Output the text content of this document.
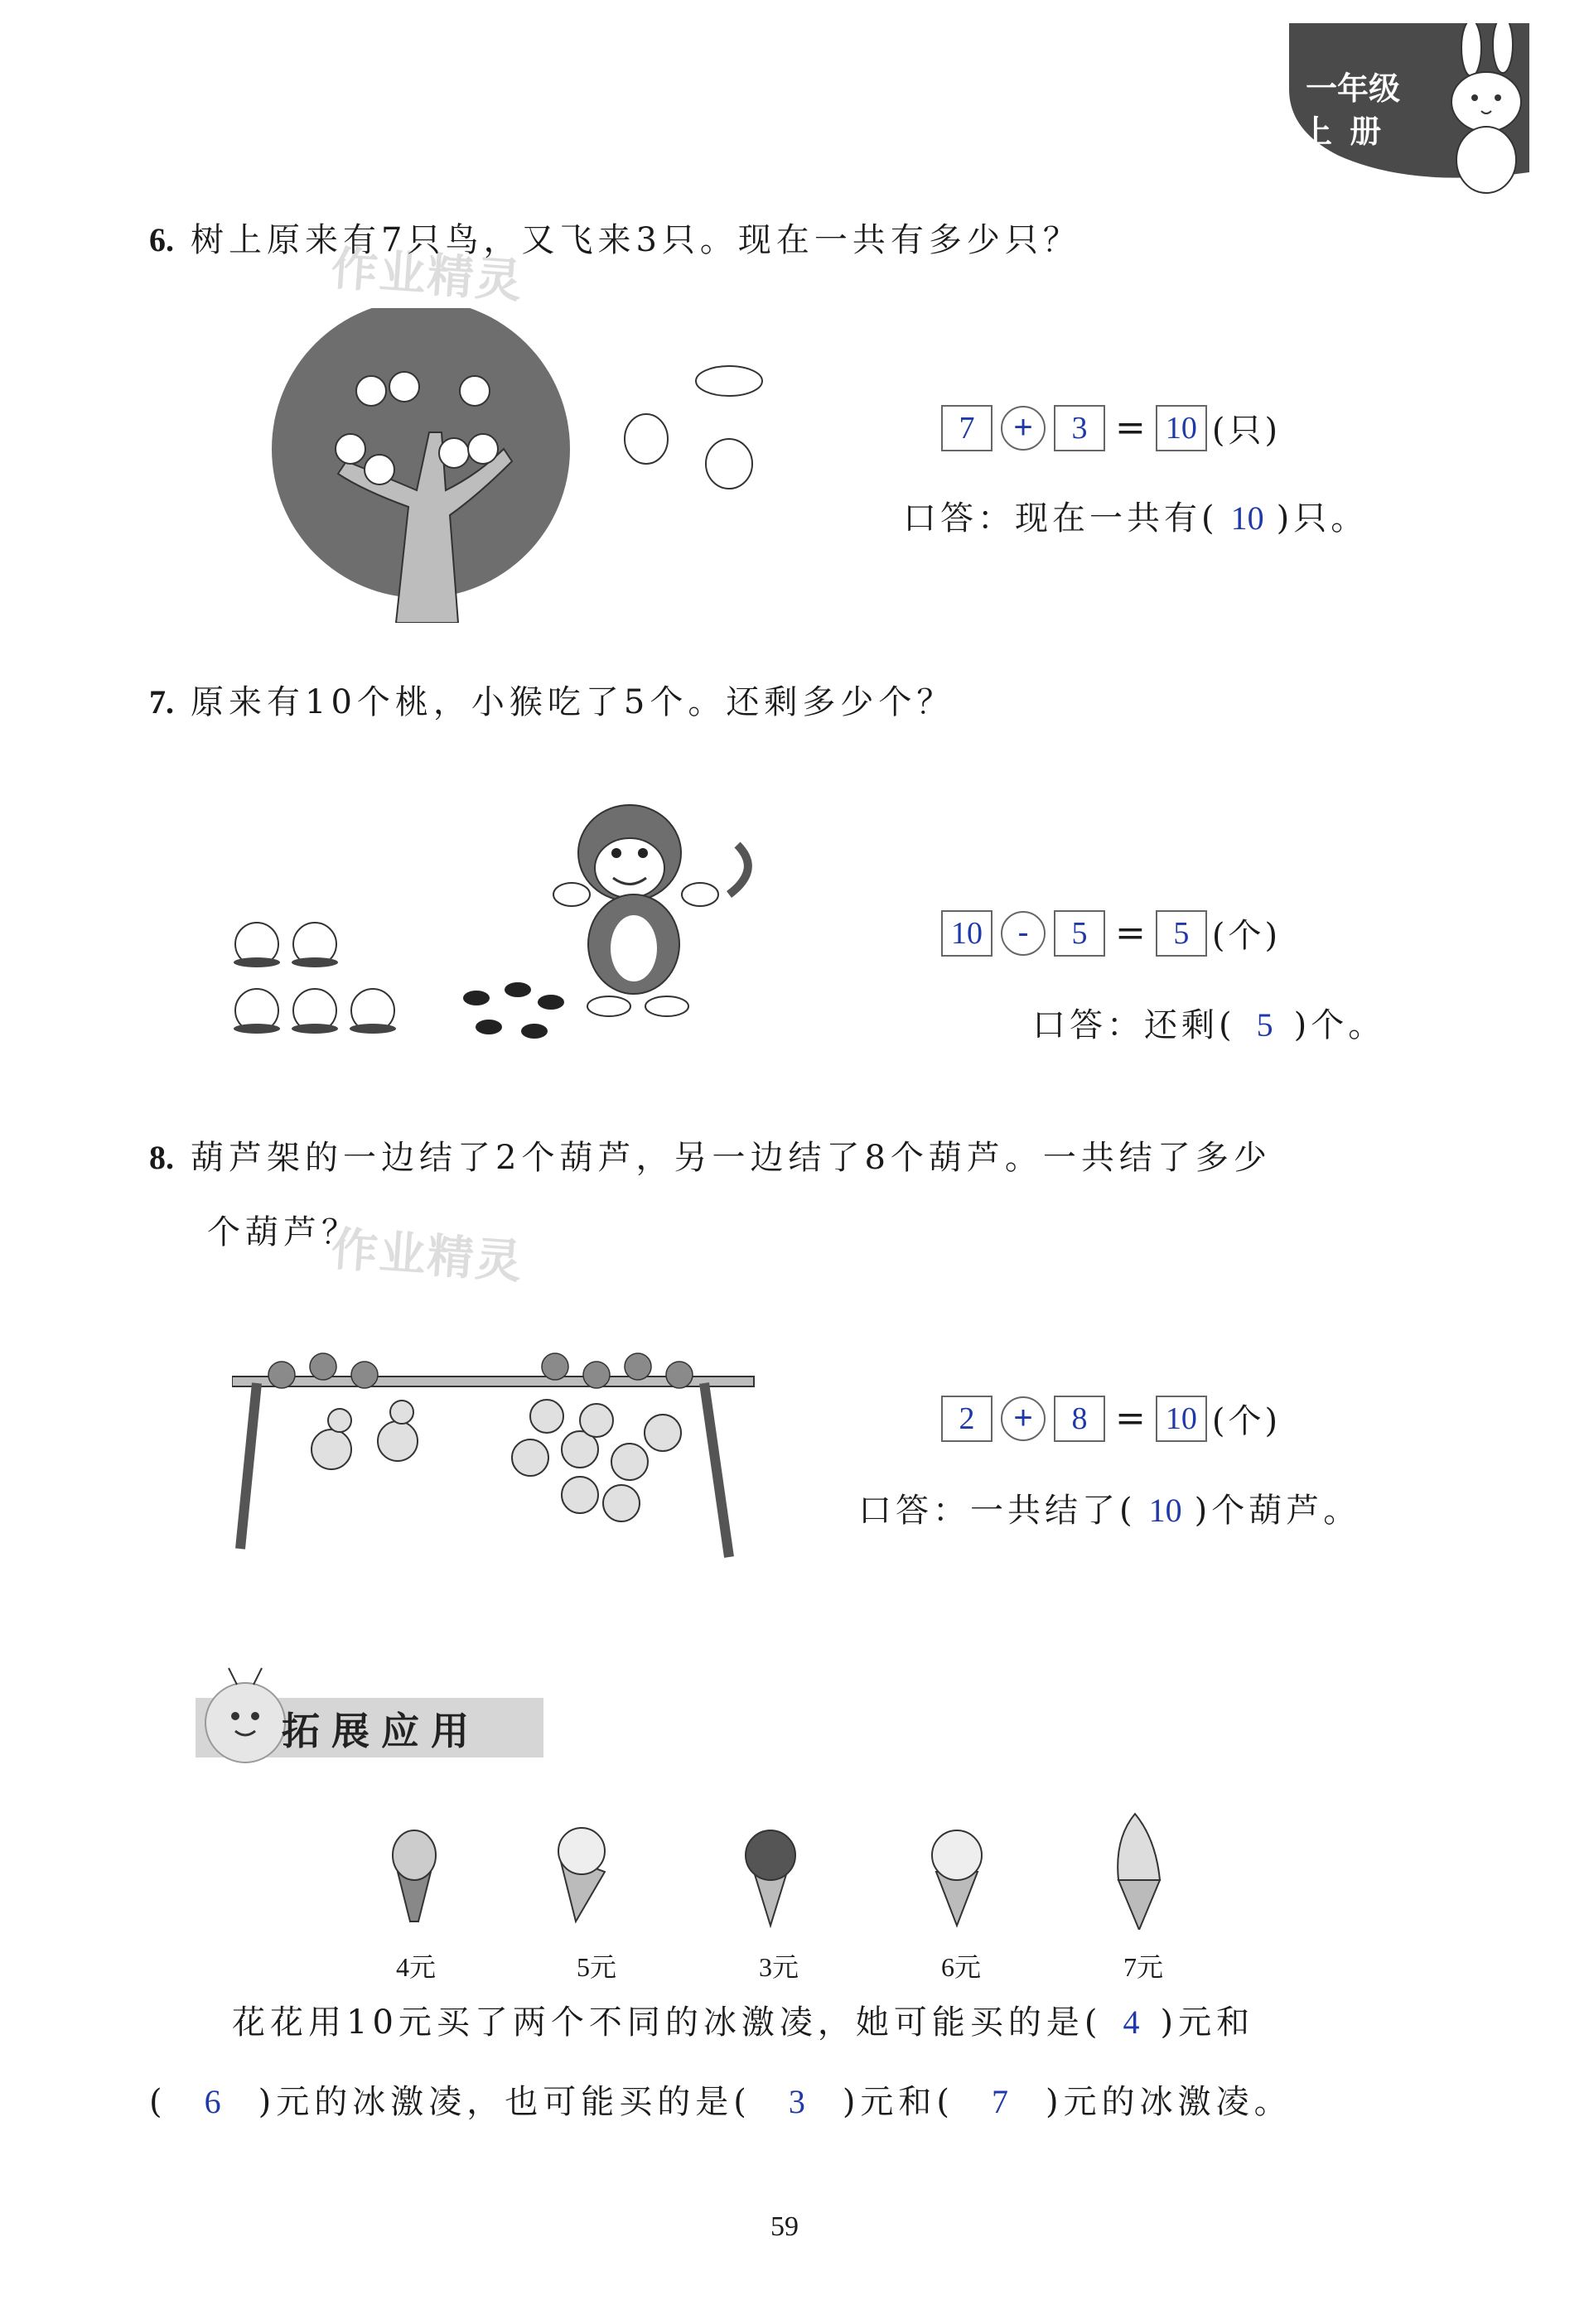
一年级
上  册
作业精灵
作业精灵
6. 树上原来有7只鸟，又飞来3只。现在一共有多少只？
7	+	3 = 10 (只)
口答：现在一共有( 10 )只。
7. 原来有10个桃，小猴吃了5个。还剩多少个？
10	-	5 = 5 (个)
口答：还剩( 5 )个。
8. 葫芦架的一边结了2个葫芦，另一边结了8个葫芦。一共结了多少
个葫芦？
2	+	8 = 10 (个)
口答：一共结了( 10 )个葫芦。
拓展应用
4元	5元	3元	6元	7元
花花用10元买了两个不同的冰激凌，她可能买的是( 4 )元和
( 6 )元的冰激凌，也可能买的是( 3 )元和( 7 )元的冰激凌。
59
